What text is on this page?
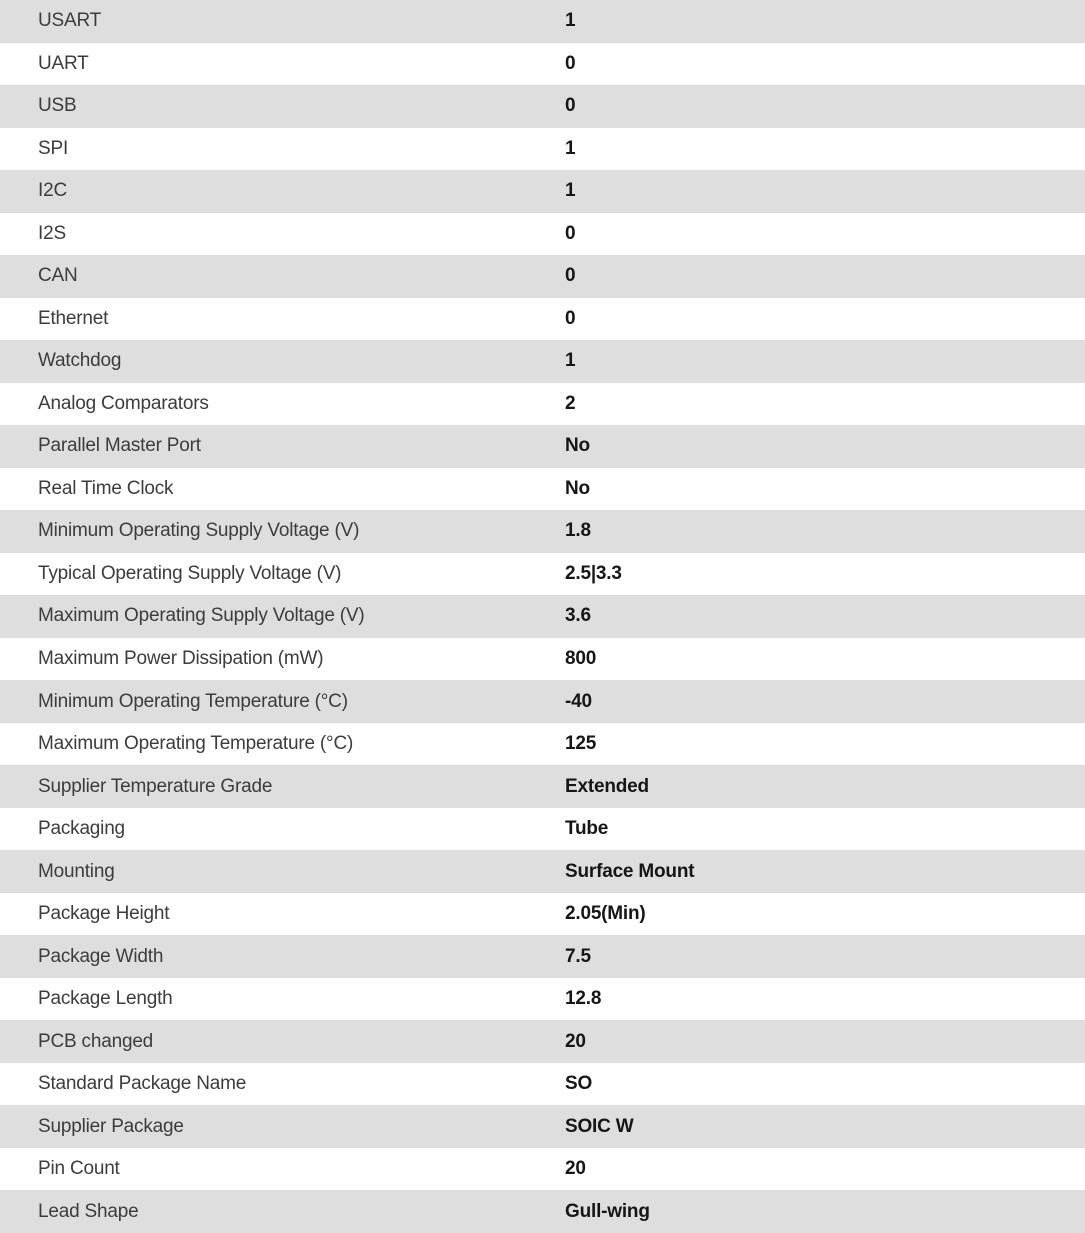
USART	1
UART	0
USB	0
SPI	1
I2C	1
I2S	0
CAN	0
Ethernet	0
Watchdog	1
Analog Comparators	2
Parallel Master Port	No
Real Time Clock	No
Minimum Operating Supply Voltage (V)	1.8
Typical Operating Supply Voltage (V)	2.5|3.3
Maximum Operating Supply Voltage (V)	3.6
Maximum Power Dissipation (mW)	800
Minimum Operating Temperature (°C)	-40
Maximum Operating Temperature (°C)	125
Supplier Temperature Grade	Extended
Packaging	Tube
Mounting	Surface Mount
Package Height	2.05(Min)
Package Width	7.5
Package Length	12.8
PCB changed	20
Standard Package Name	SO
Supplier Package	SOIC W
Pin Count	20
Lead Shape	Gull-wing
